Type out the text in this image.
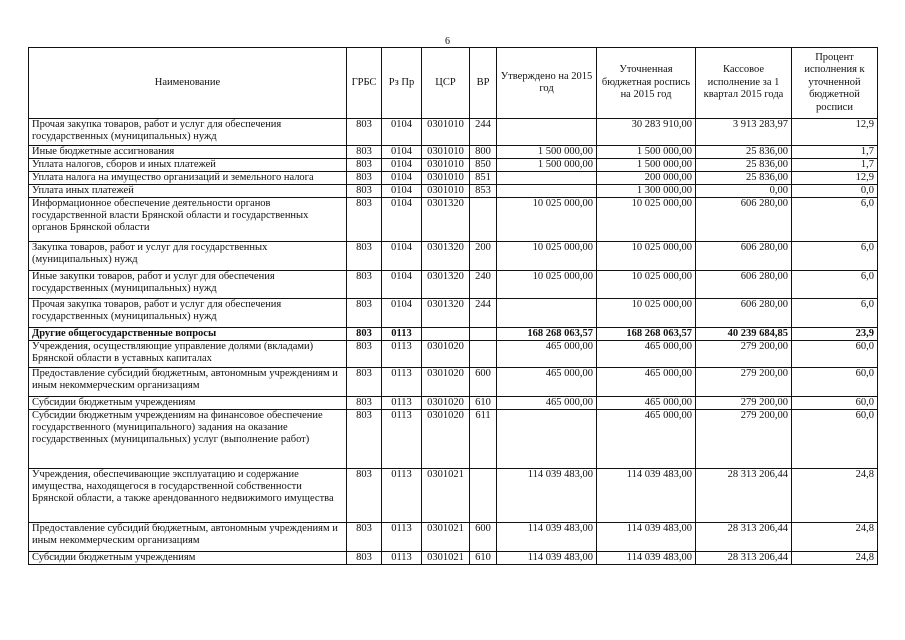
6
Наименование	ГРБС	Рз Пр	ЦСР	ВР	Утверждено на 2015 год	Уточненная бюджетная роспись на 2015 год	Кассовое исполнение за 1 квартал 2015 года	Процент исполнения к уточненной бюджетной росписи
Прочая закупка товаров, работ и услуг для обеспечения государственных (муниципальных) нужд	803	0104	0301010	244		30 283 910,00	3 913 283,97	12,9
Иные бюджетные ассигнования	803	0104	0301010	800	1 500 000,00	1 500 000,00	25 836,00	1,7
Уплата налогов, сборов и иных платежей	803	0104	0301010	850	1 500 000,00	1 500 000,00	25 836,00	1,7
Уплата налога на имущество организаций и земельного налога	803	0104	0301010	851		200 000,00	25 836,00	12,9
Уплата иных платежей	803	0104	0301010	853		1 300 000,00	0,00	0,0
Информационное обеспечение деятельности органов государственной власти Брянской области и государственных органов Брянской области	803	0104	0301320		10 025 000,00	10 025 000,00	606 280,00	6,0
Закупка товаров, работ и услуг для государственных (муниципальных) нужд	803	0104	0301320	200	10 025 000,00	10 025 000,00	606 280,00	6,0
Иные закупки товаров, работ и услуг для обеспечения государственных (муниципальных) нужд	803	0104	0301320	240	10 025 000,00	10 025 000,00	606 280,00	6,0
Прочая закупка товаров, работ и услуг для обеспечения государственных (муниципальных) нужд	803	0104	0301320	244		10 025 000,00	606 280,00	6,0
Другие общегосударственные вопросы	803	0113			168 268 063,57	168 268 063,57	40 239 684,85	23,9
Учреждения, осуществляющие управление долями (вкладами) Брянской области в уставных капиталах	803	0113	0301020		465 000,00	465 000,00	279 200,00	60,0
Предоставление субсидий бюджетным, автономным учреждениям и иным некоммерческим организациям	803	0113	0301020	600	465 000,00	465 000,00	279 200,00	60,0
Субсидии бюджетным учреждениям	803	0113	0301020	610	465 000,00	465 000,00	279 200,00	60,0
Субсидии бюджетным учреждениям на финансовое обеспечение государственного (муниципального) задания на оказание государственных (муниципальных) услуг (выполнение работ)	803	0113	0301020	611		465 000,00	279 200,00	60,0
Учреждения, обеспечивающие эксплуатацию и содержание имущества, находящегося в государственной собственности Брянской области, а также арендованного недвижимого имущества	803	0113	0301021		114 039 483,00	114 039 483,00	28 313 206,44	24,8
Предоставление субсидий бюджетным, автономным учреждениям и иным некоммерческим организациям	803	0113	0301021	600	114 039 483,00	114 039 483,00	28 313 206,44	24,8
Субсидии бюджетным учреждениям	803	0113	0301021	610	114 039 483,00	114 039 483,00	28 313 206,44	24,8
